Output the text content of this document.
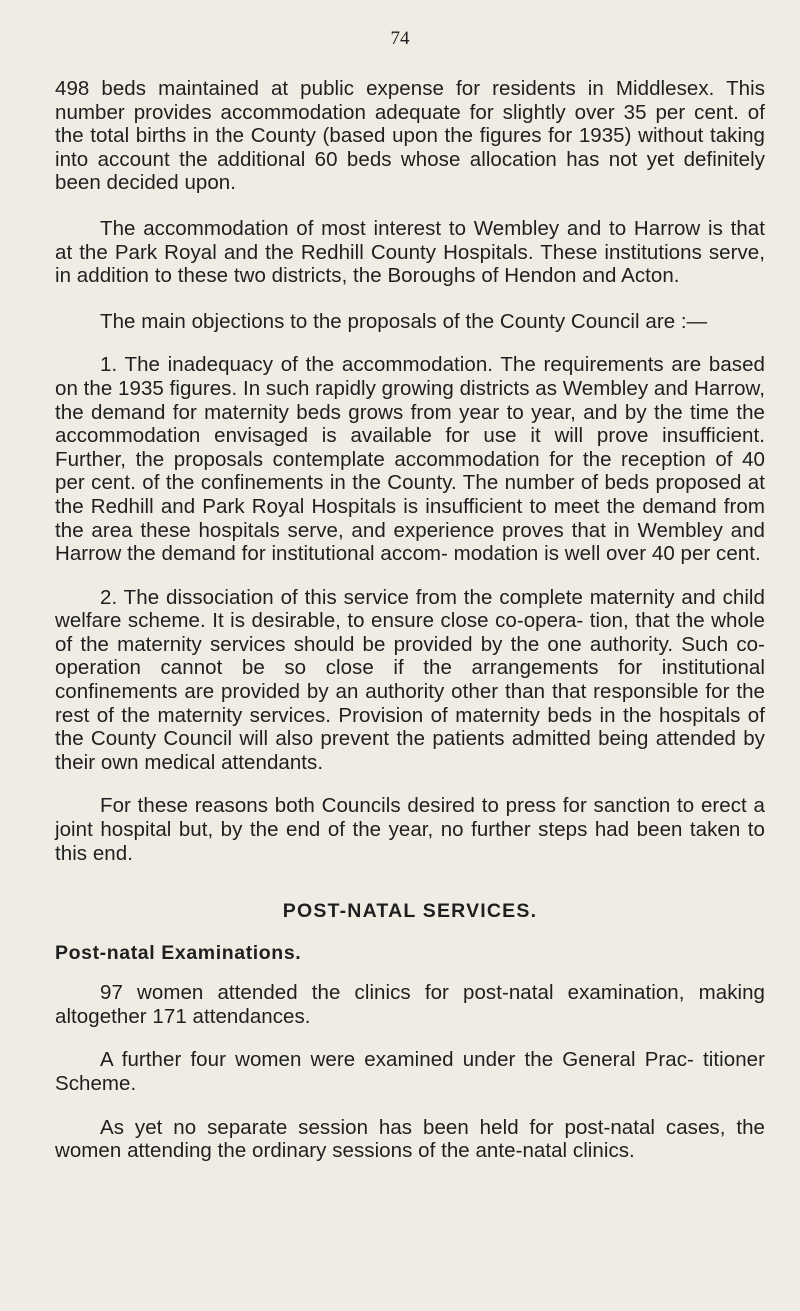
74

498 beds maintained at public expense for residents in Middlesex. This number provides accommodation adequate for slightly over 35 per cent. of the total births in the County (based upon the figures for 1935) without taking into account the additional 60 beds whose allocation has not yet definitely been decided upon.

The accommodation of most interest to Wembley and to Harrow is that at the Park Royal and the Redhill County Hospitals. These institutions serve, in addition to these two districts, the Boroughs of Hendon and Acton.

The main objections to the proposals of the County Council are :—

1. The inadequacy of the accommodation. The requirements are based on the 1935 figures. In such rapidly growing districts as Wembley and Harrow, the demand for maternity beds grows from year to year, and by the time the accommodation envisaged is available for use it will prove insufficient. Further, the proposals contemplate accommodation for the reception of 40 per cent. of the confinements in the County. The number of beds proposed at the Redhill and Park Royal Hospitals is insufficient to meet the demand from the area these hospitals serve, and experience proves that in Wembley and Harrow the demand for institutional accom- modation is well over 40 per cent.

2. The dissociation of this service from the complete maternity and child welfare scheme. It is desirable, to ensure close co-opera- tion, that the whole of the maternity services should be provided by the one authority. Such co-operation cannot be so close if the arrangements for institutional confinements are provided by an authority other than that responsible for the rest of the maternity services. Provision of maternity beds in the hospitals of the County Council will also prevent the patients admitted being attended by their own medical attendants.

For these reasons both Councils desired to press for sanction to erect a joint hospital but, by the end of the year, no further steps had been taken to this end.

POST-NATAL SERVICES.
Post-natal Examinations.

97 women attended the clinics for post-natal examination, making altogether 171 attendances.

A further four women were examined under the General Prac- titioner Scheme.

As yet no separate session has been held for post-natal cases, the women attending the ordinary sessions of the ante-natal clinics.
